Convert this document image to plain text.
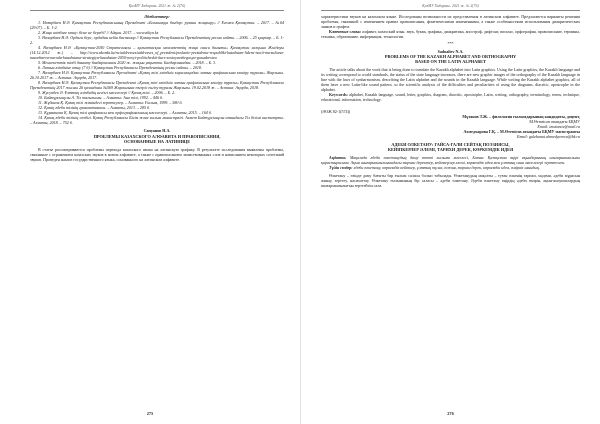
ҚазМУ Хабаршы. 2021 ж. № 2(76)
Әдебиеттер:

1. Назарбаев Н.Ә. Қазақстан Республикасының Президенті «Болашаққа бағдар: рухани жаңғыру» // Егемен Қазақстан. – 2017. – №64 (29.07). – Б. 1-2.

2. Жаңа әліпбиге көшу: бізге не береді? // Айқын. 2017. – www.aikyn.kz

3. Назарбаев Н.Ә. Ордаға берс, ордадан кейін басталар // Қазақстан Республикасы Президентінің ресми сайты. – 2006. – 25 қаңтар. – Б. 1-2.

4. Назарбаев Н.Ә. «Қазақстан-2050 Стратегиясы – қалыптасқан мемлекеттің жаңа саяси бағыты» Қазақстан халқына Жолдауы (14.12.2012 ж.) – http://www.akorda.kz/ru/addresses/addresses_of_president/poslanie-prezidenta-respubliki-kazahstan-lidera-nacii-nursultana-nazarbaeva-narodu-kazahstana-strategiya-kazahstan-2050-novyi-politicheskii-kurs-sostoyavshegosya-gosudarstva

5. Мемлекеттік тілді дамыту бағдарламасы 2020 ж. жақын уақытта. Бағдарламадан. – 2018. – Б. 3.

6. Латын әліпбиіне көшу (7 б) // Қазақстан Республикасы Президентінің ресми сайты. – 2018.

7. Назарбаев Н.Ә. Қазақстан Республикасы Президенті «Қазақ тілі әліпбиін кириллицадан латын графикасына көшіру туралы» Жарлығы. 26.10.2017 ж. – Астана: Ақорда, 2017.

8. Назарбаев Н.Ә. Қазақстан Республикасы Президенті «Қазақ тілі әліпбиін латын графикасына көшіру туралы» Қазақстан Республикасы Президентінің 2017 жылғы 26 қазандағы №569 Жарлығына өзгеріс енгізу туралы Жарлығы. 19.02.2018 ж. – Астана: Ақорда, 2018.

9. Жусупбек Ә. Ұлттық әліпбидің негізгі мәселелері // Қазақ тілі. – 2006. – Б. 2.

10. Байтұрсынұлы А. Тіл тағылымы. – Алматы: Ана тілі, 1992. – 446 б.

11. Жұбанов Қ. Қазақ тілі жөніндегі зерттеулер. – Алматы: Ғылым, 1999. – 580 б.

12. Қазақ әдеби тілінің грамматикасы. – Алматы, 2013. – 285 б.

13. Құрманова Қ. Қазақ тілі графикасы мен орфографиясының мәселелері. – Алматы, 2015. – 164 б.

14. Қазақ әдеби тілінің сөздігі. Қазақ Республикасы Білім және ғылым министрлігі. Ахмет Байтұрсынұлы атындағы Тіл білімі институты. – Алматы, 2018. – 752 б.

Сапуанов Н.А.

ПРОБЛЕМЫ КАЗАХСКОГО АЛФАВИТА И ПРАВОПИСАНИЯ,

ОСНОВАННЫЕ НА ЛАТИНИЦЕ

В статье рассматриваются проблемы перехода казахского языка на латинскую графику. В результате исследования выявлены проблемы, связанные с отражением казахских звуков в новом алфавите, а также с правописанием заимствованных слов и написанием некоторых сочетаний звуков. Проведен анализ государственного языка, основанного на латинском алфавите.

275
ҚазМУ Хабаршы. 2021 ж. № 2(76)

характеристики звуков на казахском языке. Исследованы возможности их представления в латинском алфавите. Предлагаются варианты решения проблемы, связанной с изменением правил правописания, фонетическими изменениями, а также особенностями использования диакритических знаков и графем.

Ключевые слова: алфавит, казахский язык, звук, буква, графика, диакритика, апостроф, дифтонг, письмо, орфография, правописание, термины, техника, образование, информация, технологии.

***

Sadualiev N.A.

PROBLEMS OF THE KAZAKH ALPHABET AND ORTHOGRAPHY

BASED ON THE LATIN ALPHABET

The article talks about the work that is being done to translate the Kazakh alphabet into Latin graphics. Using the Latin graphics, the Kazakh language and its writing correspond to world standards, the status of the state language increases, there are new graphic images of the orthography of the Kazakh language in line with the laws of synharmonism, describing the Latin alphabet and the sounds in the Kazakh language. While writing the Kazakh alphabet graphics, all of them have a new Latin-like sound pattern, so the scientific analysis of the difficulties and peculiarities of using the diagrams, diacritic, apostrophe in the alphabet.

Keywords: alphabet, Kazakh language, sound, letter, graphics, diagram, diacritic, apostrophe, Latin, writing, orthography, terminology, terms, technique, educational, information, technology.

(ӘОЖ 82-1(574))

Мұтанов Т.Ж. – филология ғылымдарының кандидаты, доцент,

М.Өтемісов атындағы БҚМУ

Email: tmutanov@mail.ru

Ахмедъярова Г.Қ. – М.Өтемісов атындағы БҚМУ магистранты

Email: gulzhanat.ahmedyarova@bk.ru

АДЕБИ ОЛКЕТАНУ: ГАЙСА-ГАЛИ СЕЙТАҚ ПОЭЗИЯСЫ,

КЕЙІПКЕРЛЕР ӘЛЕМІ, ТАРИХИ ДЕРЕК, КӨРКЕМДІК ИДЕЯ

Аңдатпа. Мақалада әдеби өлкетанудың даму өзекті ғылыми мәселесі, Батыс Қазақстан өңірі ақындарының шығармашылығы қарастырылған. Ақын шығармашылығындағы тарихи деректер, кейіпкерлер әлемі, көркемдік идея мен ұлттық сана мәселелері зерттелген.

Түйін сөздер: әдеби өлкетану, көркемдік кейіпкер, ұлттық тұлға, поэзия, тарихи дерек, көркемдік идея, өмірлік шындық.

Өлкетану – өзінде даму бағыты бар ғылым саласы болып табылады. Өлкетанудың мақсаты – туған өлкенің тарихи, мәдени, әдеби мұрасын жинау, зерттеу, насихаттау. Өлкетану ғылымының бір саласы – әдеби өлкетану. Әдеби өлкетану өңірдің әдеби өмірін, ақын-жазушылардың шығармашылығын зерттейтін сала.

276
